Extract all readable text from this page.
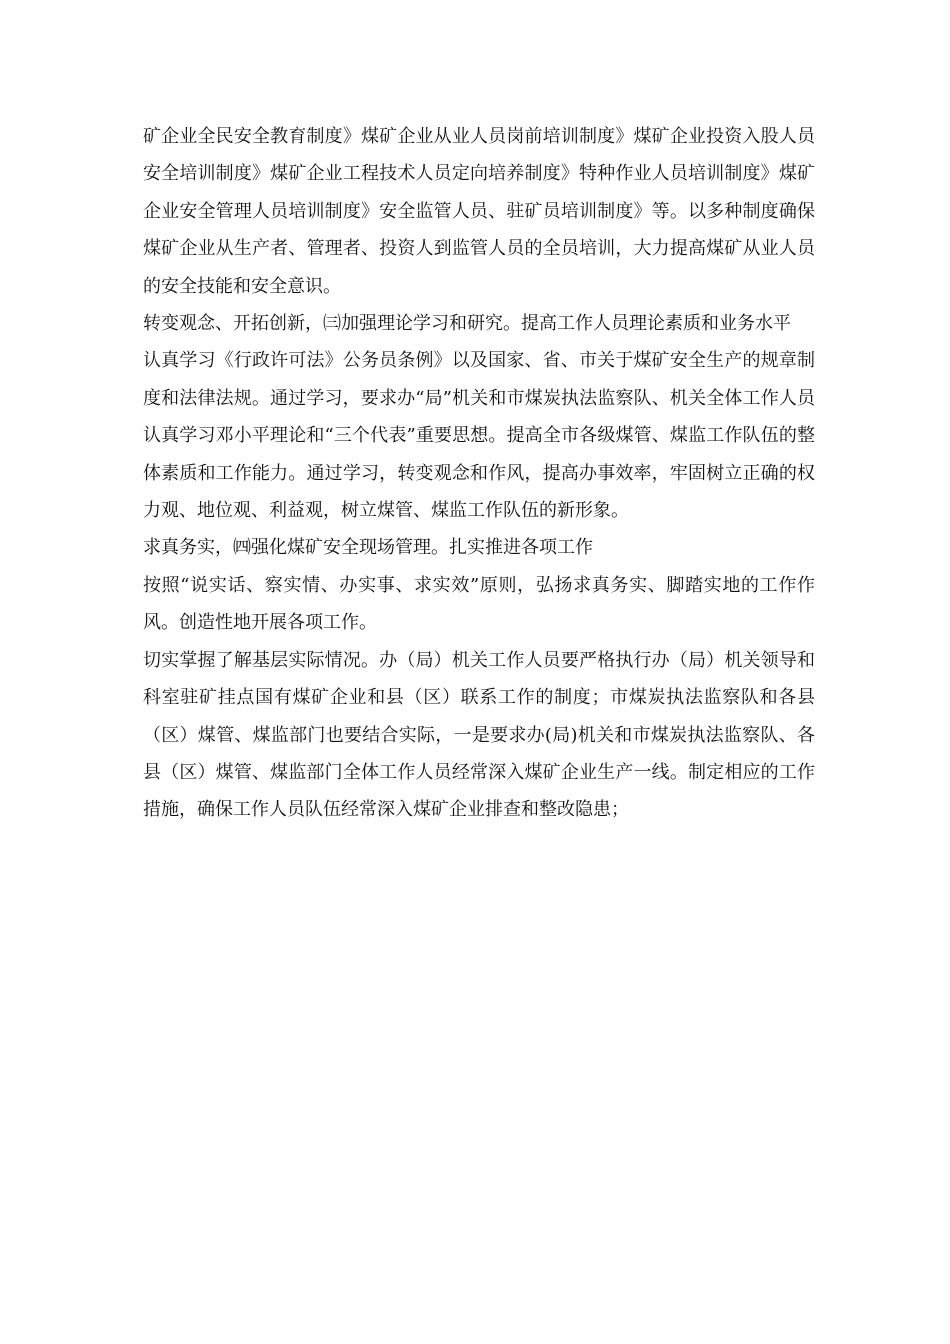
矿企业全民安全教育制度》煤矿企业从业人员岗前培训制度》煤矿企业投资入股人员安全培训制度》煤矿企业工程技术人员定向培养制度》特种作业人员培训制度》煤矿企业安全管理人员培训制度》安全监管人员、驻矿员培训制度》等。以多种制度确保煤矿企业从生产者、管理者、投资人到监管人员的全员培训，大力提高煤矿从业人员的安全技能和安全意识。

转变观念、开拓创新，㈢加强理论学习和研究。提高工作人员理论素质和业务水平

认真学习《行政许可法》公务员条例》以及国家、省、市关于煤矿安全生产的规章制度和法律法规。通过学习，要求办“局”机关和市煤炭执法监察队、机关全体工作人员认真学习邓小平理论和“三个代表”重要思想。提高全市各级煤管、煤监工作队伍的整体素质和工作能力。通过学习，转变观念和作风，提高办事效率，牢固树立正确的权力观、地位观、利益观，树立煤管、煤监工作队伍的新形象。

求真务实，㈣强化煤矿安全现场管理。扎实推进各项工作

按照“说实话、察实情、办实事、求实效”原则，弘扬求真务实、脚踏实地的工作作风。创造性地开展各项工作。

切实掌握了解基层实际情况。办（局）机关工作人员要严格执行办（局）机关领导和科室驻矿挂点国有煤矿企业和县（区）联系工作的制度；市煤炭执法监察队和各县（区）煤管、煤监部门也要结合实际，一是要求办(局)机关和市煤炭执法监察队、各县（区）煤管、煤监部门全体工作人员经常深入煤矿企业生产一线。制定相应的工作措施，确保工作人员队伍经常深入煤矿企业排查和整改隐患；
